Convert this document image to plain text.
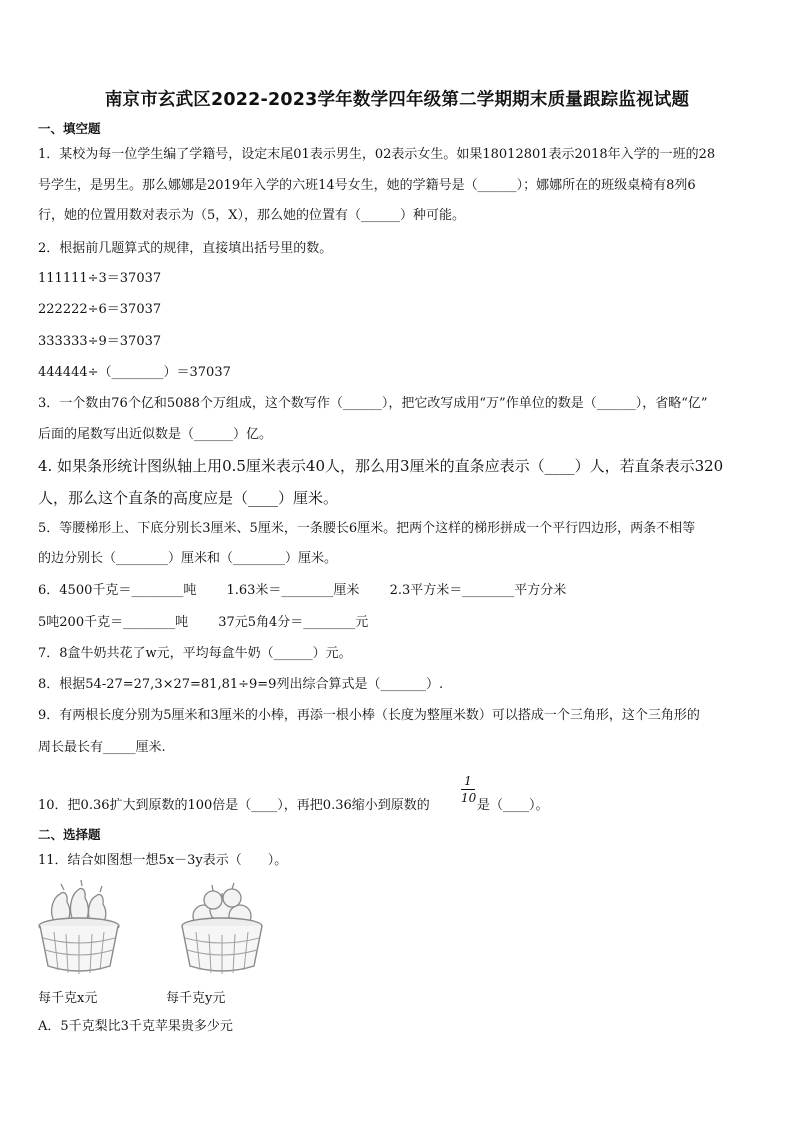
南京市玄武区2022-2023学年数学四年级第二学期期末质量跟踪监视试题
一、填空题
1．某校为每一位学生编了学籍号，设定末尾01表示男生，02表示女生。如果18012801表示2018年入学的一班的28
号学生，是男生。那么娜娜是2019年入学的六班14号女生，她的学籍号是（______）；娜娜所在的班级桌椅有8列6
行，她的位置用数对表示为（5，X），那么她的位置有（______）种可能。
2．根据前几题算式的规律，直接填出括号里的数。
111111÷3＝37037
222222÷6＝37037
333333÷9＝37037
444444÷（________）＝37037
3．一个数由76个亿和5088个万组成，这个数写作（______），把它改写成用“万”作单位的数是（______），省略“亿”
后面的尾数写出近似数是（______）亿。
4. 如果条形统计图纵轴上用0.5厘米表示40人，那么用3厘米的直条应表示（____）人，若直条表示320
人，那么这个直条的高度应是（____）厘米。
5．等腰梯形上、下底分别长3厘米、5厘米，一条腰长6厘米。把两个这样的梯形拼成一个平行四边形，两条不相等
的边分别长（________）厘米和（________）厘米。
6．4500千克＝________吨　　 1.63米＝________厘米　　 2.3平方米＝________平方分米
5吨200千克＝________吨　　 37元5角4分＝________元
7．8盒牛奶共花了w元，平均每盒牛奶（______）元。
8．根据54-27=27,3×27=81,81÷9=9列出综合算式是（_______）.
9．有两根长度分别为5厘米和3厘米的小棒，再添一根小棒（长度为整厘米数）可以搭成一个三角形，这个三角形的
周长最长有_____厘米.
10．把0.36扩大到原数的100倍是（____），再把0.36缩小到原数的
1
10 是（____）。
二、选择题
11．结合如图想一想5x－3y表示（　　）。
每千克x元	每千克y元
A．5千克梨比3千克苹果贵多少元
